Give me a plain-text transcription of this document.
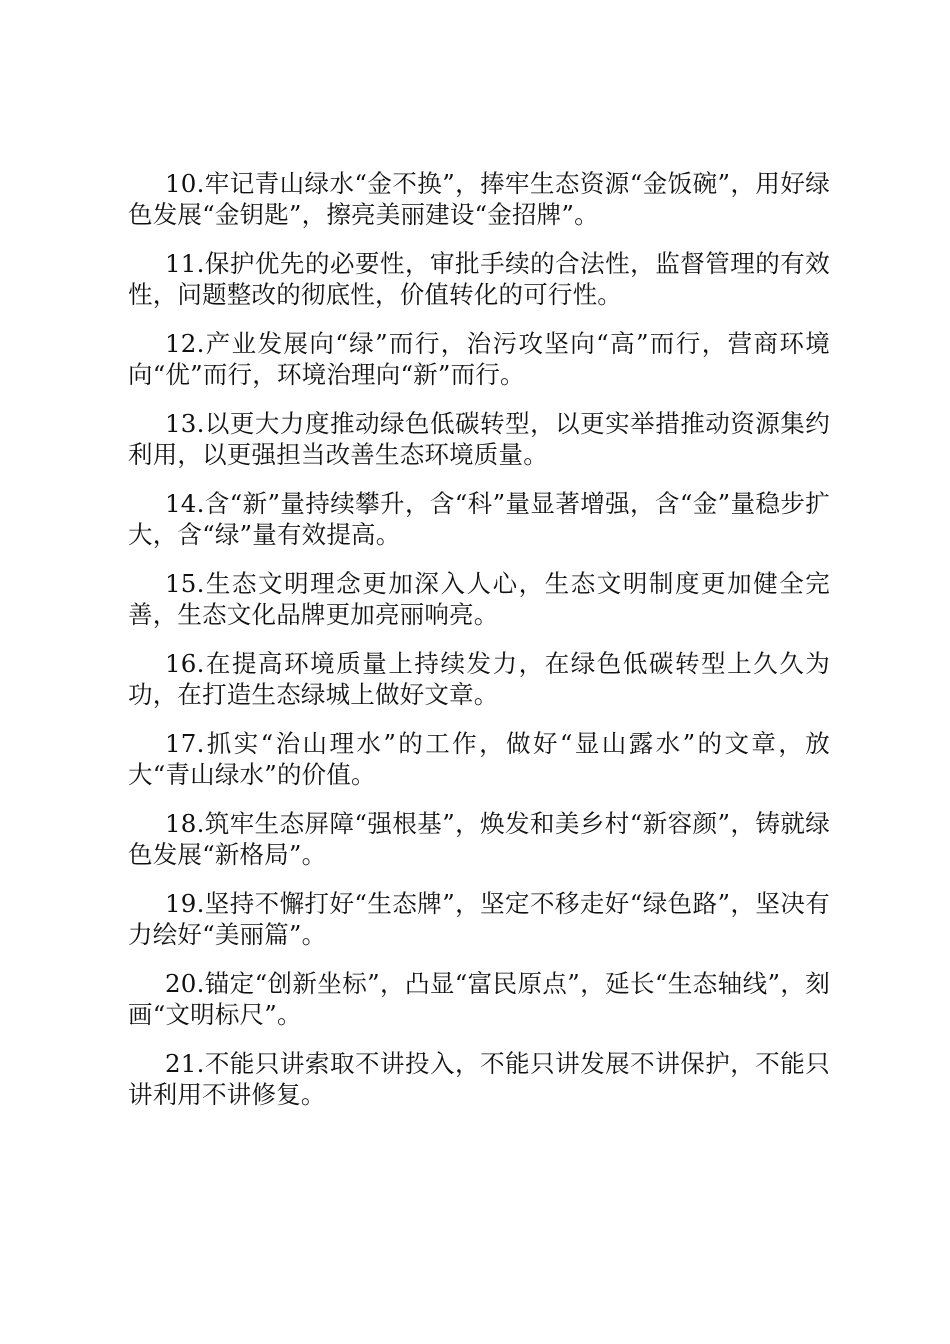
10.牢记青山绿水“金不换”，捧牢生态资源“金饭碗”，用好绿色发展“金钥匙”，擦亮美丽建设“金招牌”。

11.保护优先的必要性，审批手续的合法性，监督管理的有效性，问题整改的彻底性，价值转化的可行性。

12.产业发展向“绿”而行，治污攻坚向“高”而行，营商环境向“优”而行，环境治理向“新”而行。

13.以更大力度推动绿色低碳转型，以更实举措推动资源集约利用，以更强担当改善生态环境质量。

14.含“新”量持续攀升，含“科”量显著增强，含“金”量稳步扩大，含“绿”量有效提高。

15.生态文明理念更加深入人心，生态文明制度更加健全完善，生态文化品牌更加亮丽响亮。

16.在提高环境质量上持续发力，在绿色低碳转型上久久为功，在打造生态绿城上做好文章。

17.抓实“治山理水”的工作，做好“显山露水”的文章，放大“青山绿水”的价值。

18.筑牢生态屏障“强根基”，焕发和美乡村“新容颜”，铸就绿色发展“新格局”。

19.坚持不懈打好“生态牌”，坚定不移走好“绿色路”，坚决有力绘好“美丽篇”。

20.锚定“创新坐标”，凸显“富民原点”，延长“生态轴线”，刻画“文明标尺”。

21.不能只讲索取不讲投入，不能只讲发展不讲保护，不能只讲利用不讲修复。
